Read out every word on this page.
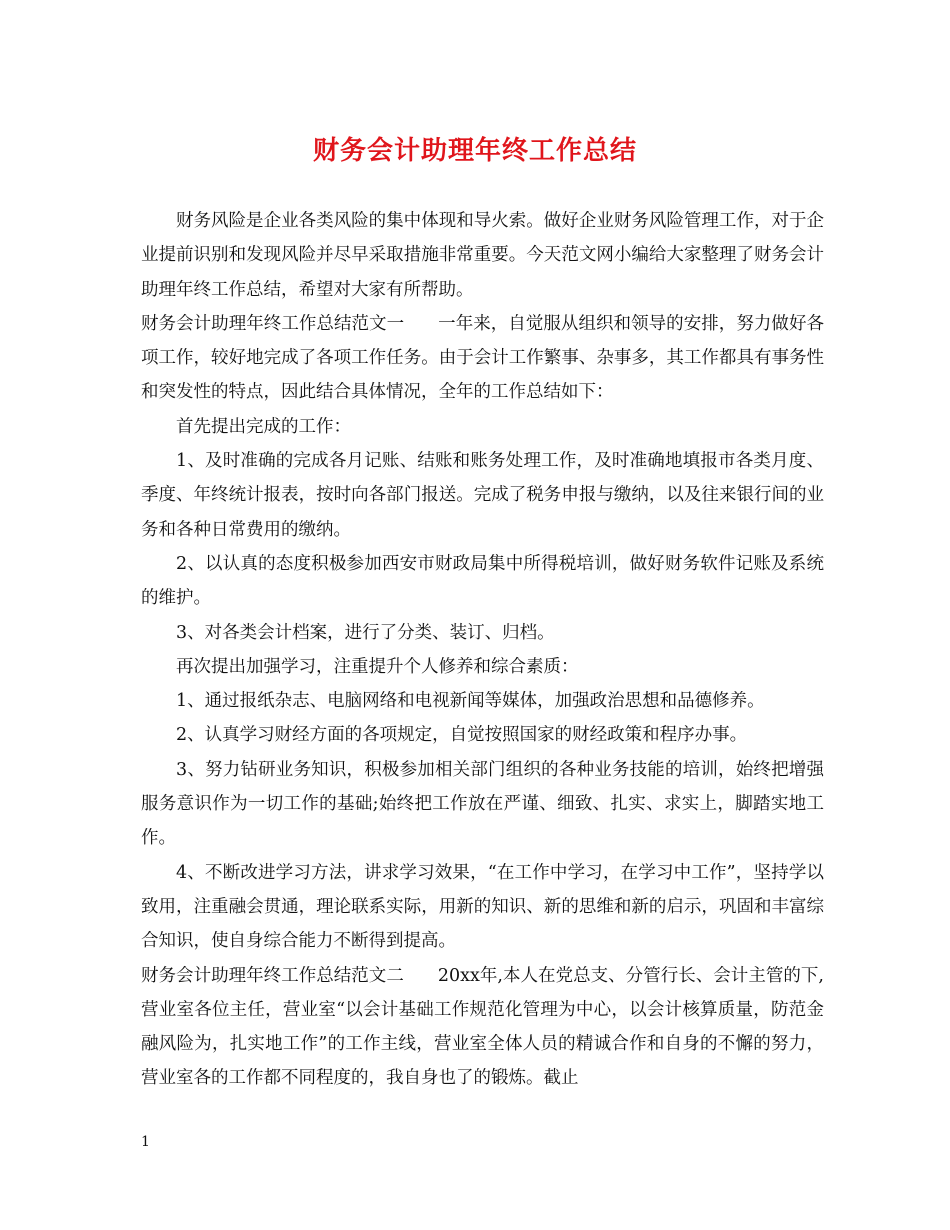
财务会计助理年终工作总结

财务风险是企业各类风险的集中体现和导火索。做好企业财务风险管理工作，对于企业提前识别和发现风险并尽早采取措施非常重要。今天范文网小编给大家整理了财务会计助理年终工作总结，希望对大家有所帮助。

财务会计助理年终工作总结范文一 一年来，自觉服从组织和领导的安排，努力做好各项工作，较好地完成了各项工作任务。由于会计工作繁事、杂事多，其工作都具有事务性和突发性的特点，因此结合具体情况，全年的工作总结如下：

首先提出完成的工作：

1、及时准确的完成各月记账、结账和账务处理工作，及时准确地填报市各类月度、季度、年终统计报表，按时向各部门报送。完成了税务申报与缴纳，以及往来银行间的业务和各种日常费用的缴纳。

2、以认真的态度积极参加西安市财政局集中所得税培训，做好财务软件记账及系统的维护。

3、对各类会计档案，进行了分类、装订、归档。

再次提出加强学习，注重提升个人修养和综合素质：

1、通过报纸杂志、电脑网络和电视新闻等媒体，加强政治思想和品德修养。

2、认真学习财经方面的各项规定，自觉按照国家的财经政策和程序办事。

3、努力钻研业务知识，积极参加相关部门组织的各种业务技能的培训，始终把增强服务意识作为一切工作的基础;始终把工作放在严谨、细致、扎实、求实上，脚踏实地工作。

4、不断改进学习方法，讲求学习效果，“在工作中学习，在学习中工作”，坚持学以致用，注重融会贯通，理论联系实际，用新的知识、新的思维和新的启示，巩固和丰富综合知识，使自身综合能力不断得到提高。

财务会计助理年终工作总结范文二 20xx年,本人在党总支、分管行长、会计主管的下,营业室各位主任，营业室“以会计基础工作规范化管理为中心，以会计核算质量，防范金融风险为，扎实地工作”的工作主线，营业室全体人员的精诚合作和自身的不懈的努力，营业室各的工作都不同程度的，我自身也了的锻炼。截止

1
